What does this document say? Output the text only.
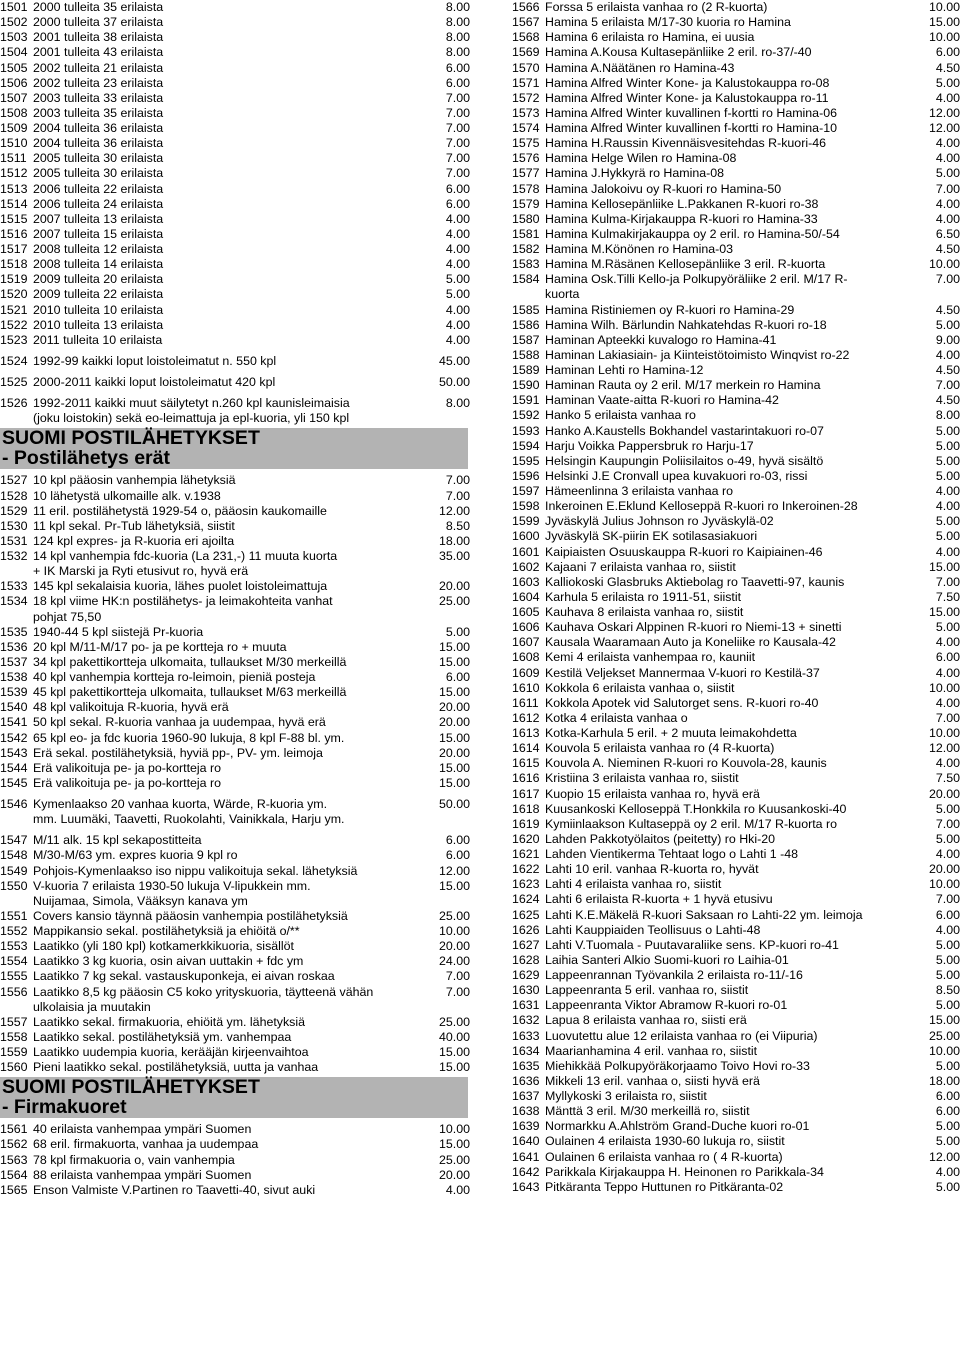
1501 2000 tulleita 35 erilaista	8.00
1502 2000 tulleita 37 erilaista	8.00
1503 2001 tulleita 38 erilaista	8.00
1504 2001 tulleita 43 erilaista	8.00
1505 2002 tulleita 21 erilaista	6.00
1506 2002 tulleita 23 erilaista	6.00
1507 2003 tulleita 33 erilaista	7.00
1508 2003 tulleita 35 erilaista	7.00
1509 2004 tulleita 36 erilaista	7.00
1510 2004 tulleita 36 erilaista	7.00
1511 2005 tulleita 30 erilaista	7.00
1512 2005 tulleita 30 erilaista	7.00
1513 2006 tulleita 22 erilaista	6.00
1514 2006 tulleita 24 erilaista	6.00
1515 2007 tulleita 13 erilaista	4.00
1516 2007 tulleita 15 erilaista	4.00
1517 2008 tulleita 12 erilaista	4.00
1518 2008 tulleita 14 erilaista	4.00
1519 2009 tulleita 20 erilaista	5.00
1520 2009 tulleita 22 erilaista	5.00
1521 2010 tulleita 10 erilaista	4.00
1522 2010 tulleita 13 erilaista	4.00
1523 2011 tulleita 10 erilaista	4.00
1524 1992-99 kaikki loput loistoleimatut n. 550 kpl	45.00
1525 2000-2011 kaikki loput loistoleimatut 420 kpl	50.00
1526 1992-2011 kaikki muut säilytetyt n.260 kpl kaunisleimaisia	8.00
(joku loistokin) sekä eo-leimattuja ja epl-kuoria, yli 150 kpl
SUOMI POSTILÄHETYKSET
- Postilähetys erät
1527 10 kpl pääosin vanhempia lähetyksiä	7.00
1528 10 lähetystä ulkomaille alk. v.1938	7.00
1529 11 eril. postilähetystä 1929-54 o, pääosin kaukomaille	12.00
1530 11 kpl sekal. Pr-Tub lähetyksiä, siistit	8.50
1531 124 kpl expres- ja R-kuoria eri ajoilta	18.00
1532 14 kpl vanhempia fdc-kuoria (La 231,-) 11 muuta kuorta	35.00
+ IK Marski ja Ryti etusivut ro, hyvä erä
1533 145 kpl sekalaisia kuoria, lähes puolet loistoleimattuja	20.00
1534 18 kpl viime HK:n postilähetys- ja leimakohteita vanhat	25.00
pohjat 75,50
1535 1940-44 5 kpl siistejä Pr-kuoria	5.00
1536 20 kpl M/11-M/17 po- ja pe kortteja ro + muuta	15.00
1537 34 kpl pakettikortteja ulkomaita, tullaukset M/30 merkeillä	15.00
1538 40 kpl vanhempia kortteja ro-leimoin, pieniä posteja	6.00
1539 45 kpl pakettikortteja ulkomaita, tullaukset M/63 merkeillä	15.00
1540 48 kpl valikoituja R-kuoria, hyvä erä	20.00
1541 50 kpl sekal. R-kuoria vanhaa ja uudempaa, hyvä erä	20.00
1542 65 kpl eo- ja fdc kuoria 1960-90 lukuja, 8 kpl F-88 bl. ym.	15.00
1543 Erä sekal. postilähetyksiä, hyviä pp-, PV- ym. leimoja	20.00
1544 Erä valikoituja pe- ja po-kortteja ro	15.00
1545 Erä valikoituja pe- ja po-kortteja ro	15.00
1546 Kymenlaakso 20 vanhaa kuorta, Wärde, R-kuoria ym.	50.00
mm. Luumäki, Taavetti, Ruokolahti, Vainikkala, Harju ym.
1547 M/11 alk. 15 kpl sekapostitteita	6.00
1548 M/30-M/63 ym. expres kuoria 9 kpl ro	6.00
1549 Pohjois-Kymenlaakso iso nippu valikoituja sekal. lähetyksiä	12.00
1550 V-kuoria 7 erilaista 1930-50 lukuja V-lipukkein mm.	15.00
Nuijamaa, Simola, Vääksyn kanava ym
1551 Covers kansio täynnä pääosin vanhempia postilähetyksiä	25.00
1552 Mappikansio sekal. postilähetyksiä ja ehiöitä o/**	10.00
1553 Laatikko (yli 180 kpl) kotkamerkkikuoria, sisällöt	20.00
1554 Laatikko 3 kg kuoria, osin aivan uuttakin + fdc ym	24.00
1555 Laatikko 7 kg sekal. vastauskuponkeja, ei aivan roskaa	7.00
1556 Laatikko 8,5 kg pääosin C5 koko yrityskuoria, täytteenä vähän	7.00
ulkolaisia ja muutakin
1557 Laatikko sekal. firmakuoria, ehiöitä ym. lähetyksiä	25.00
1558 Laatikko sekal. postilähetyksiä ym. vanhempaa	40.00
1559 Laatikko uudempia kuoria, kerääjän kirjeenvaihtoa	15.00
1560 Pieni laatikko sekal. postilähetyksiä, uutta ja vanhaa	15.00
SUOMI POSTILÄHETYKSET
- Firmakuoret
1561 40 erilaista vanhempaa ympäri Suomen	10.00
1562 68 eril. firmakuorta, vanhaa ja uudempaa	15.00
1563 78 kpl firmakuoria o, vain vanhempia	25.00
1564 88 erilaista vanhempaa ympäri Suomen	20.00
1565 Enson Valmiste V.Partinen ro Taavetti-40, sivut auki	4.00
1566 Forssa 5 erilaista vanhaa ro (2 R-kuorta)	10.00
1567 Hamina 5 erilaista M/17-30 kuoria ro Hamina	15.00
1568 Hamina 6 erilaista ro Hamina, ei uusia	10.00
1569 Hamina A.Kousa Kultasepänliike 2 eril. ro-37/-40	6.00
1570 Hamina A.Näätänen ro Hamina-43	4.50
1571 Hamina Alfred Winter Kone- ja Kalustokauppa ro-08	5.00
1572 Hamina Alfred Winter Kone- ja Kalustokauppa ro-11	4.00
1573 Hamina Alfred Winter kuvallinen f-kortti ro Hamina-06	12.00
1574 Hamina Alfred Winter kuvallinen f-kortti ro Hamina-10	12.00
1575 Hamina H.Raussin Kivennäisvesitehdas R-kuori-46	4.00
1576 Hamina Helge Wilen ro Hamina-08	4.00
1577 Hamina J.Hykkyrä ro Hamina-08	5.00
1578 Hamina Jalokoivu oy R-kuori ro Hamina-50	7.00
1579 Hamina Kellosepänliike L.Pakkanen R-kuori ro-38	4.00
1580 Hamina Kulma-Kirjakauppa R-kuori ro Hamina-33	4.00
1581 Hamina Kulmakirjakauppa oy 2 eril. ro Hamina-50/-54	6.50
1582 Hamina M.Könönen ro Hamina-03	4.50
1583 Hamina M.Räsänen Kellosepänliike 3 eril. R-kuorta	10.00
1584 Hamina Osk.Tilli Kello-ja Polkupyöräliike 2 eril. M/17 R-	7.00
kuorta
1585 Hamina Ristiniemen oy R-kuori ro Hamina-29	4.50
1586 Hamina Wilh. Bärlundin Nahkatehdas R-kuori ro-18	5.00
1587 Haminan Apteekki kuvalogo ro Hamina-41	9.00
1588 Haminan Lakiasiain- ja Kiinteistötoimisto Winqvist ro-22	4.00
1589 Haminan Lehti ro Hamina-12	4.50
1590 Haminan Rauta oy 2 eril. M/17 merkein ro Hamina	7.00
1591 Haminan Vaate-aitta R-kuori ro Hamina-42	4.50
1592 Hanko 5 erilaista vanhaa ro	8.00
1593 Hanko A.Kaustells Bokhandel vastarintakuori ro-07	5.00
1594 Harju Voikka Pappersbruk ro Harju-17	5.00
1595 Helsingin Kaupungin Poliisilaitos o-49, hyvä sisältö	5.00
1596 Helsinki J.E Cronvall upea kuvakuori ro-03, rissi	5.00
1597 Hämeenlinna 3 erilaista vanhaa ro	4.00
1598 Inkeroinen E.Eklund Kelloseppä R-kuori ro Inkeroinen-28	4.00
1599 Jyväskylä Julius Johnson ro Jyväskylä-02	5.00
1600 Jyväskylä SK-piirin EK sotilasasiakuori	5.00
1601 Kaipiaisten Osuuskauppa R-kuori ro Kaipiainen-46	4.00
1602 Kajaani 7 erilaista vanhaa ro, siistit	15.00
1603 Kalliokoski Glasbruks Aktiebolag ro Taavetti-97, kaunis	7.00
1604 Karhula 5 erilaista ro 1911-51, siistit	7.50
1605 Kauhava 8 erilaista vanhaa ro, siistit	15.00
1606 Kauhava Oskari Alppinen R-kuori ro Niemi-13 + sinetti	5.00
1607 Kausala Waaramaan Auto ja Koneliike ro Kausala-42	4.00
1608 Kemi 4 erilaista vanhempaa ro, kauniit	6.00
1609 Kestilä Veljekset Mannermaa V-kuori ro Kestilä-37	4.00
1610 Kokkola 6 erilaista vanhaa o, siistit	10.00
1611 Kokkola Apotek vid Salutorget sens. R-kuori ro-40	4.00
1612 Kotka 4 erilaista vanhaa o	7.00
1613 Kotka-Karhula 5 eril. + 2 muuta leimakohdetta	10.00
1614 Kouvola 5 erilaista vanhaa ro (4 R-kuorta)	12.00
1615 Kouvola A. Nieminen R-kuori ro Kouvola-28, kaunis	4.00
1616 Kristiina 3 erilaista vanhaa ro, siistit	7.50
1617 Kuopio 15 erilaista vanhaa ro, hyvä erä	20.00
1618 Kuusankoski Kelloseppä T.Honkkila ro Kuusankoski-40	5.00
1619 Kymiinlaakson Kultaseppä oy 2 eril. M/17 R-kuorta ro	7.00
1620 Lahden Pakkotyölaitos (peitetty) ro Hki-20	5.00
1621 Lahden Vientikerma Tehtaat logo o Lahti 1 -48	4.00
1622 Lahti 10 eril. vanhaa R-kuorta ro, hyvät	20.00
1623 Lahti 4 erilaista vanhaa ro, siistit	10.00
1624 Lahti 6 erilaista R-kuorta + 1 hyvä etusivu	7.00
1625 Lahti K.E.Mäkelä R-kuori Saksaan ro Lahti-22 ym. leimoja	6.00
1626 Lahti Kauppiaiden Teollisuus o Lahti-48	4.00
1627 Lahti V.Tuomala - Puutavaraliike sens. KP-kuori ro-41	5.00
1628 Laihia Santeri Alkio Suomi-kuori ro Laihia-01	5.00
1629 Lappeenrannan Työvankila 2 erilaista ro-11/-16	5.00
1630 Lappeenranta 5 eril. vanhaa ro, siistit	8.50
1631 Lappeenranta Viktor Abramow R-kuori ro-01	5.00
1632 Lapua 8 erilaista vanhaa ro, siisti erä	15.00
1633 Luovutettu alue 12 erilaista vanhaa ro (ei Viipuria)	25.00
1634 Maarianhamina 4 eril. vanhaa ro, siistit	10.00
1635 Miehikkää Polkupyöräkorjaamo Toivo Hovi ro-33	5.00
1636 Mikkeli 13 eril. vanhaa o, siisti hyvä erä	18.00
1637 Myllykoski 3 erilaista ro, siistit	6.00
1638 Mänttä 3 eril. M/30 merkeillä ro, siistit	6.00
1639 Normarkku A.Ahlström Grand-Duche kuori ro-01	5.00
1640 Oulainen 4 erilaista 1930-60 lukuja ro, siistit	5.00
1641 Oulainen 6 erilaista vanhaa ro ( 4 R-kuorta)	12.00
1642 Parikkala Kirjakauppa H. Heinonen ro Parikkala-34	4.00
1643 Pitkäranta Teppo Huttunen ro Pitkäranta-02	5.00
